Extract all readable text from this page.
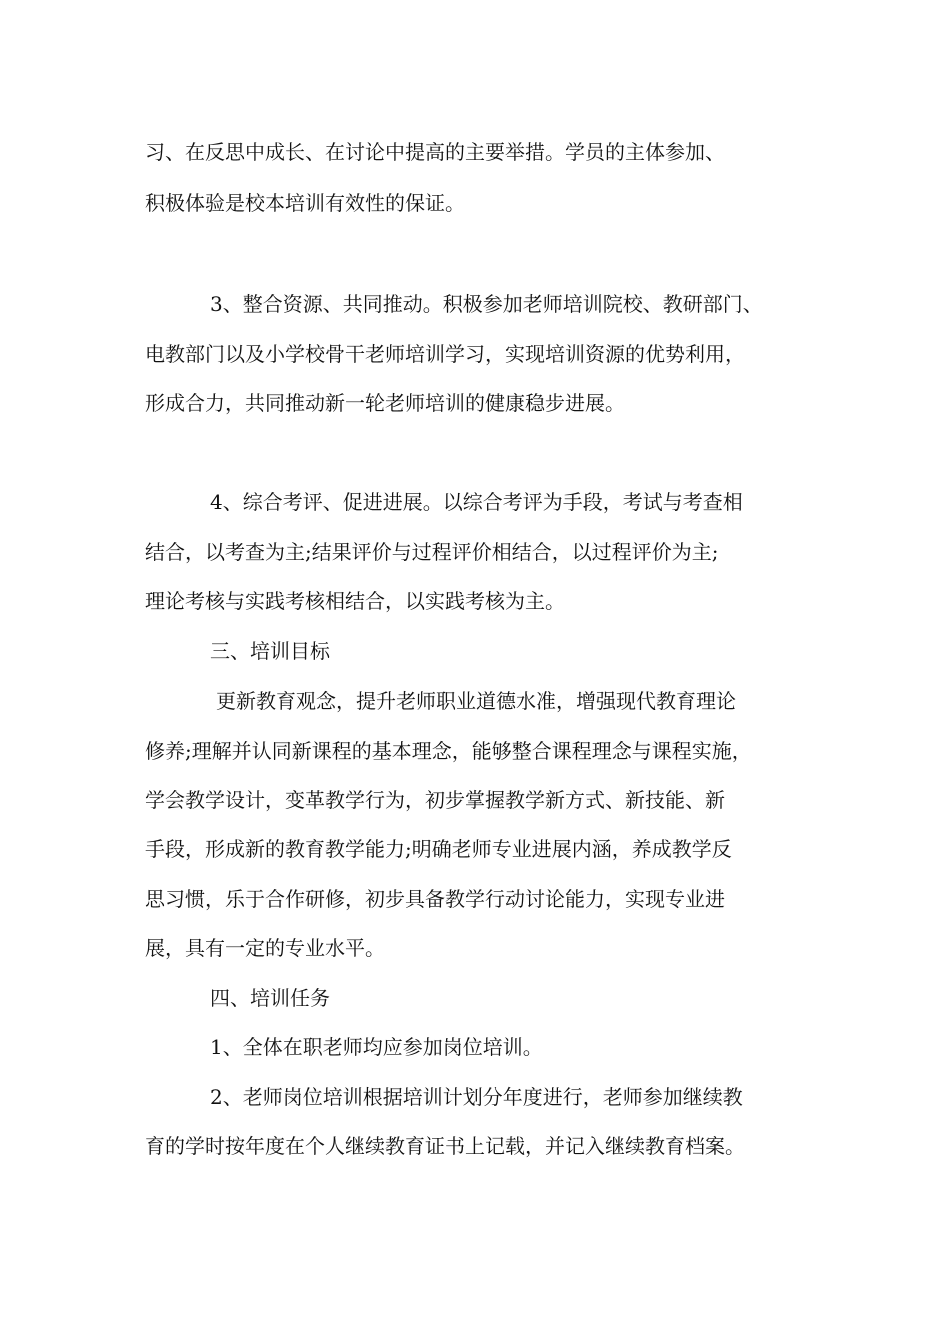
习、在反思中成长、在讨论中提高的主要举措。学员的主体参加、
积极体验是校本培训有效性的保证。
3、整合资源、共同推动。积极参加老师培训院校、教研部门、
电教部门以及小学校骨干老师培训学习，实现培训资源的优势利用，
形成合力，共同推动新一轮老师培训的健康稳步进展。
4、综合考评、促进进展。以综合考评为手段，考试与考查相
结合，以考查为主;结果评价与过程评价相结合，以过程评价为主;
理论考核与实践考核相结合，以实践考核为主。
三、培训目标
更新教育观念，提升老师职业道德水准，增强现代教育理论
修养;理解并认同新课程的基本理念，能够整合课程理念与课程实施，
学会教学设计，变革教学行为，初步掌握教学新方式、新技能、新
手段，形成新的教育教学能力;明确老师专业进展内涵，养成教学反
思习惯，乐于合作研修，初步具备教学行动讨论能力，实现专业进
展，具有一定的专业水平。
四、培训任务
1、全体在职老师均应参加岗位培训。
2、老师岗位培训根据培训计划分年度进行，老师参加继续教
育的学时按年度在个人继续教育证书上记载，并记入继续教育档案。
